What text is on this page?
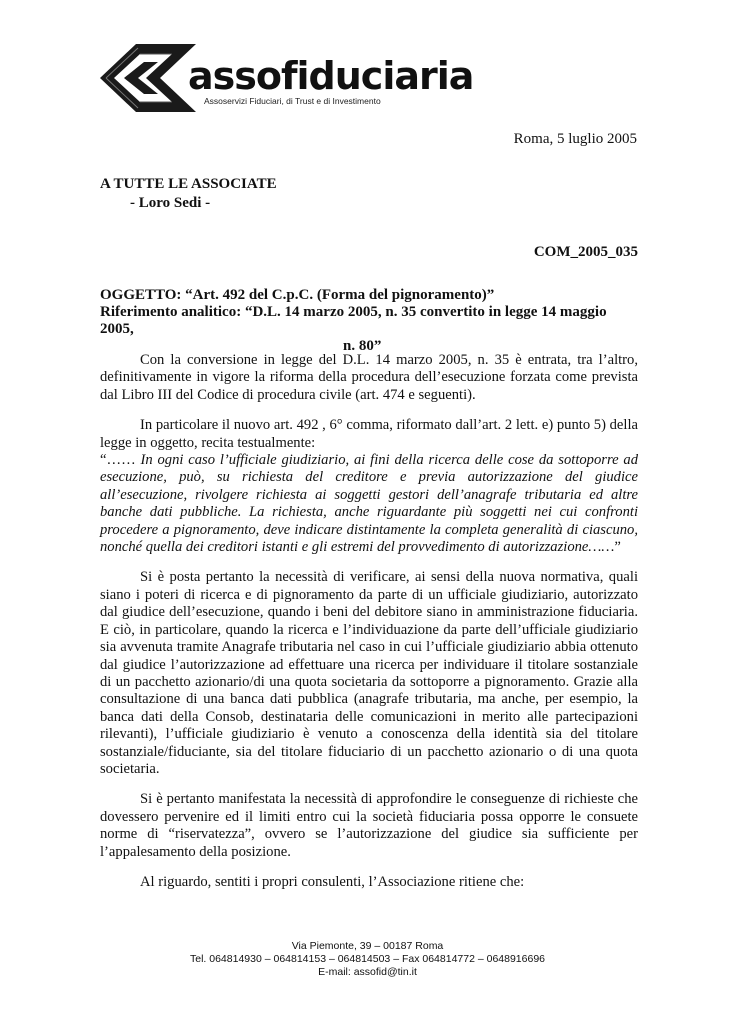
assofiduciaria
Assoservizi Fiduciari, di Trust e di Investimento
Roma, 5 luglio 2005
A TUTTE LE ASSOCIATE
- Loro Sedi -
COM_2005_035
OGGETTO: “Art. 492 del C.p.C. (Forma del pignoramento)”
Riferimento analitico: “D.L. 14 marzo 2005, n. 35 convertito in legge 14 maggio 2005,
n. 80”

Con la conversione in legge del D.L. 14 marzo 2005, n. 35 è entrata, tra l’altro, definitivamente in vigore la riforma della procedura dell’esecuzione forzata come prevista dal Libro III del Codice di procedura civile (art. 474 e seguenti).

In particolare il nuovo art. 492 , 6° comma, riformato dall’art. 2 lett. e) punto 5) della legge in oggetto, recita testualmente:

“…… In ogni caso l’ufficiale giudiziario, ai fini della ricerca delle cose da sottoporre ad esecuzione, può, su richiesta del creditore e previa autorizzazione del giudice all’esecuzione, rivolgere richiesta ai soggetti gestori dell’anagrafe tributaria ed altre banche dati pubbliche. La richiesta, anche riguardante più soggetti nei cui confronti procedere a pignoramento, deve indicare distintamente la completa generalità di ciascuno, nonché quella dei creditori istanti e gli estremi del provvedimento di autorizzazione……”

Si è posta pertanto la necessità di verificare, ai sensi della nuova normativa, quali siano i poteri di ricerca e di pignoramento da parte di un ufficiale giudiziario, autorizzato dal giudice dell’esecuzione, quando i beni del debitore siano in amministrazione fiduciaria. E ciò, in particolare, quando la ricerca e l’individuazione da parte dell’ufficiale giudiziario sia avvenuta tramite Anagrafe tributaria nel caso in cui l’ufficiale giudiziario abbia ottenuto dal giudice l’autorizzazione ad effettuare una ricerca per individuare il titolare sostanziale di un pacchetto azionario/di una quota societaria da sottoporre a pignoramento. Grazie alla consultazione di una banca dati pubblica (anagrafe tributaria, ma anche, per esempio, la banca dati della Consob, destinataria delle comunicazioni in merito alle partecipazioni rilevanti), l’ufficiale giudiziario è venuto a conoscenza della identità sia del titolare sostanziale/fiduciante, sia del titolare fiduciario di un pacchetto azionario o di una quota societaria.

Si è pertanto manifestata la necessità di approfondire le conseguenze di richieste che dovessero pervenire ed il limiti entro cui la società fiduciaria possa opporre le consuete norme di “riservatezza”, ovvero se l’autorizzazione del giudice sia sufficiente per l’appalesamento della posizione.

Al riguardo, sentiti i propri consulenti, l’Associazione ritiene che:

Via Piemonte, 39 – 00187 Roma
Tel. 064814930 – 064814153 – 064814503 – Fax 064814772 – 0648916696
E-mail: assofid@tin.it
